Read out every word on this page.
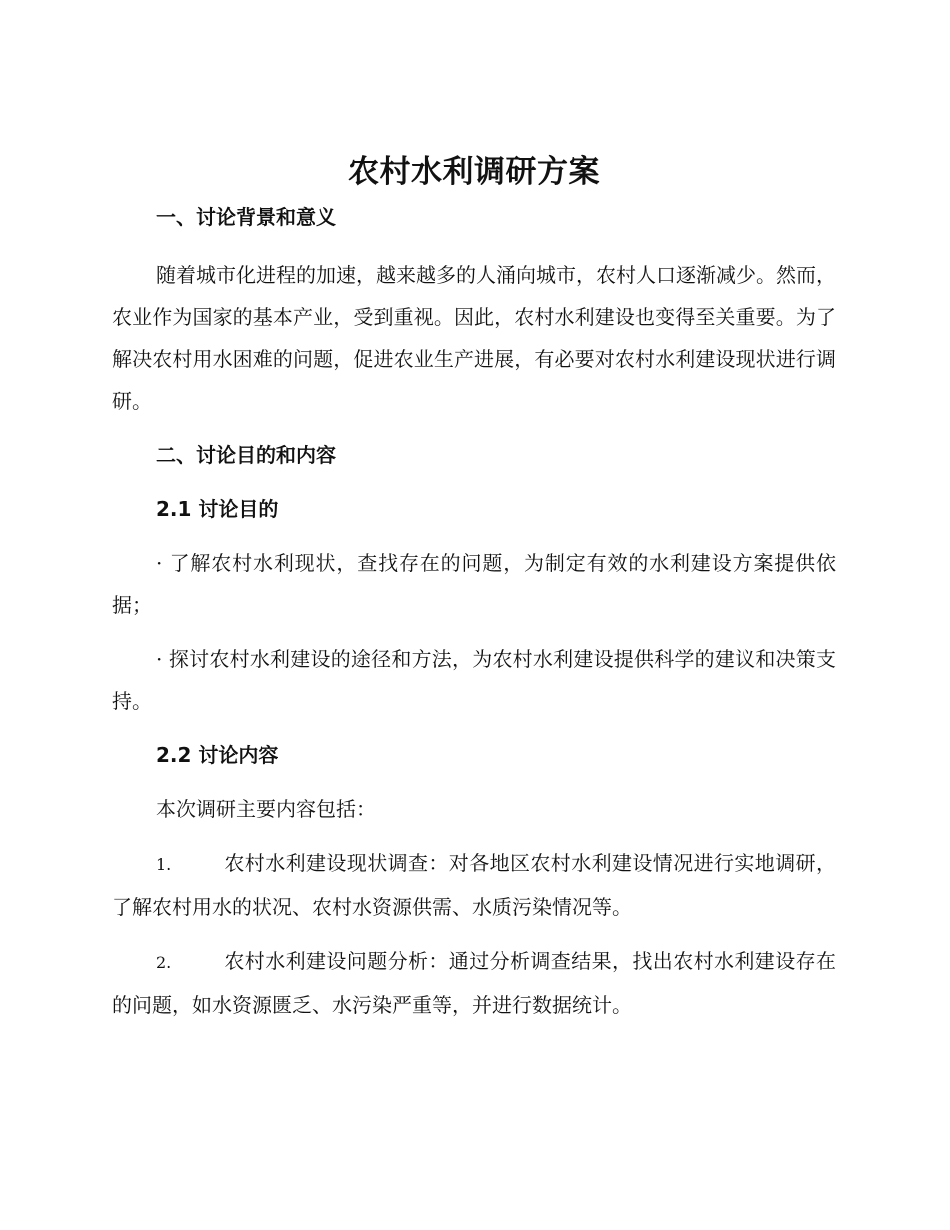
农村水利调研方案

一、讨论背景和意义

随着城市化进程的加速，越来越多的人涌向城市，农村人口逐渐减少。然而，农业作为国家的基本产业，受到重视。因此，农村水利建设也变得至关重要。为了解决农村用水困难的问题，促进农业生产进展，有必要对农村水利建设现状进行调研。

二、讨论目的和内容

2.1 讨论目的

· 了解农村水利现状，查找存在的问题，为制定有效的水利建设方案提供依据；

· 探讨农村水利建设的途径和方法，为农村水利建设提供科学的建议和决策支持。

2.2 讨论内容

本次调研主要内容包括：

1.	农村水利建设现状调查：对各地区农村水利建设情况进行实地调研，了解农村用水的状况、农村水资源供需、水质污染情况等。

2.	农村水利建设问题分析：通过分析调查结果，找出农村水利建设存在的问题，如水资源匮乏、水污染严重等，并进行数据统计。
